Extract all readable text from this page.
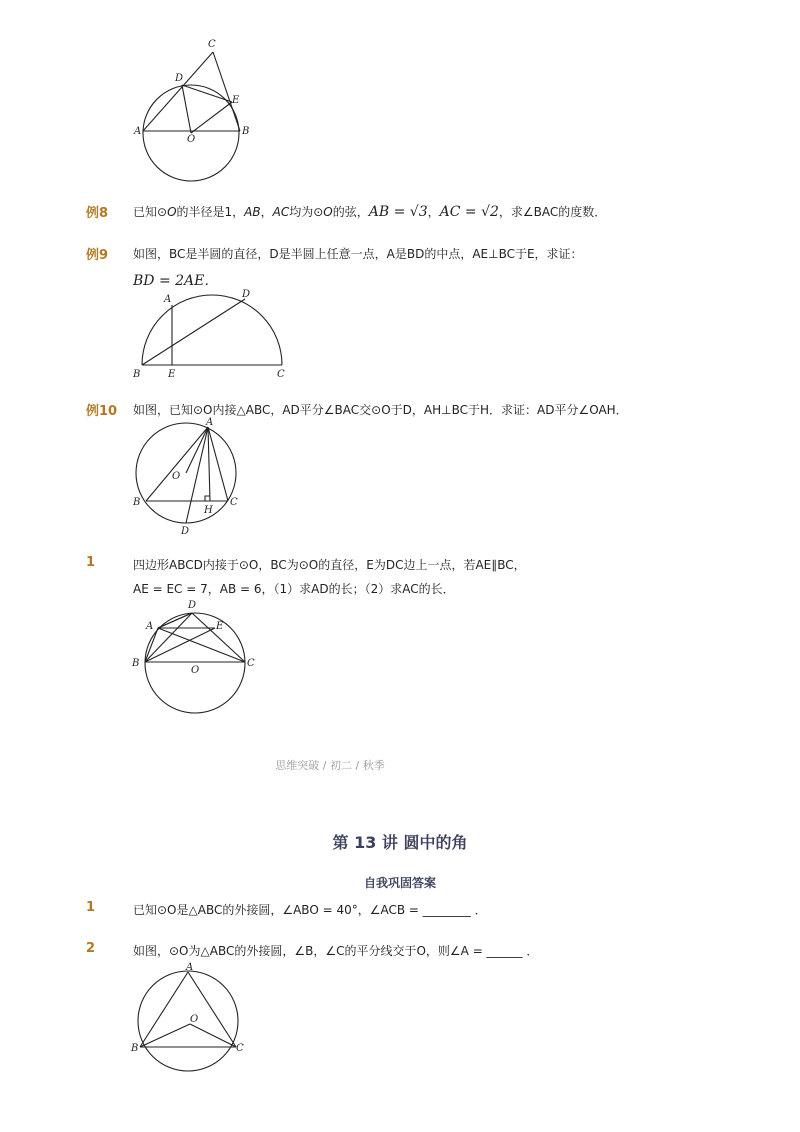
C
D
E
A	B
O
例8 已知⊙O的半径是1，AB，AC均为⊙O的弦，AB = √3，AC = √2，求∠BAC的度数．
例9 如图，BC是半圆的直径，D是半圆上任意一点，A是BD的中点，AE⊥BC于E，求证：
BD = 2AE．
A	D
B	E	C
例10 如图，已知⊙O内接△ABC，AD平分∠BAC交⊙O于D，AH⊥BC于H．求证：AD平分∠OAH．
A
O
B	C
H
D
1	四边形ABCD内接于⊙O，BC为⊙O的直径，E为DC边上一点，若AE∥BC，
AE = EC = 7，AB = 6，（1）求AD的长；（2）求AC的长．
D
A	E
B	C
O
思维突破 / 初二 / 秋季
第 13 讲 圆中的角
自我巩固答案
1	已知⊙O是△ABC的外接圆，∠ABO = 40°，∠ACB = ________ ．
2	如图，⊙O为△ABC的外接圆，∠B，∠C的平分线交于O，则∠A = ______ ．
A
O
B	C
